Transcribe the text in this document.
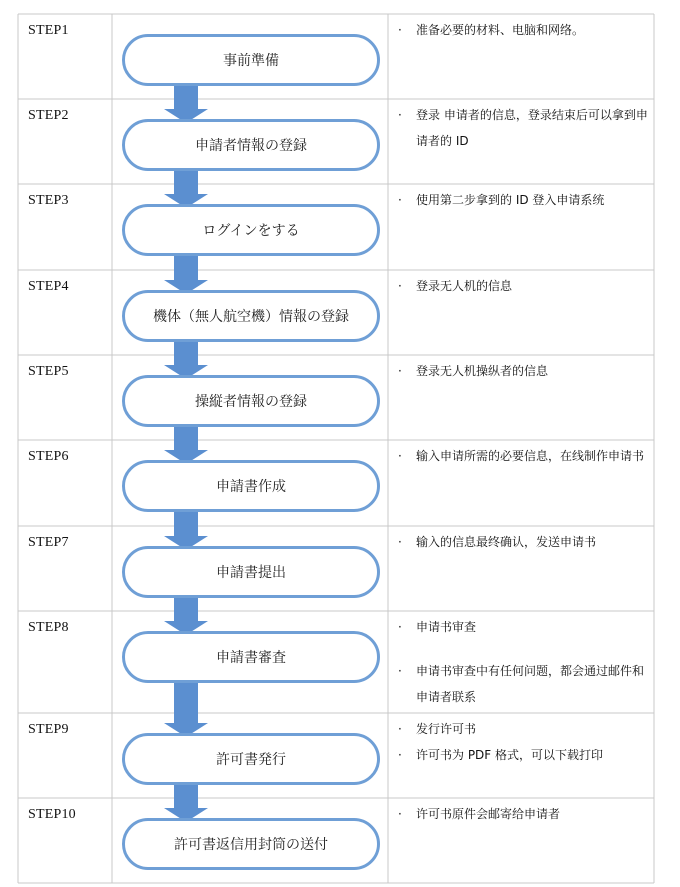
STEP1
事前準備
· 准备必要的材料、电脑和网络。
STEP2
申請者情報の登録
· 登录 申请者的信息，登录结束后可以拿到申请者的 ID
STEP3
ログインをする
· 使用第二步拿到的 ID 登入申请系统
STEP4
機体（無人航空機）情報の登録
· 登录无人机的信息
STEP5
操縦者情報の登録
· 登录无人机操纵者的信息
STEP6
申請書作成
· 输入申请所需的必要信息，在线制作申请书
STEP7
申請書提出
· 输入的信息最终确认，发送申请书
STEP8
申請書審査
· 申请书审查
· 申请书审查中有任何问题，都会通过邮件和申请者联系
STEP9
許可書発行
· 发行许可书
· 许可书为 PDF 格式，可以下载打印
STEP10
許可書返信用封筒の送付
· 许可书原件会邮寄给申请者
